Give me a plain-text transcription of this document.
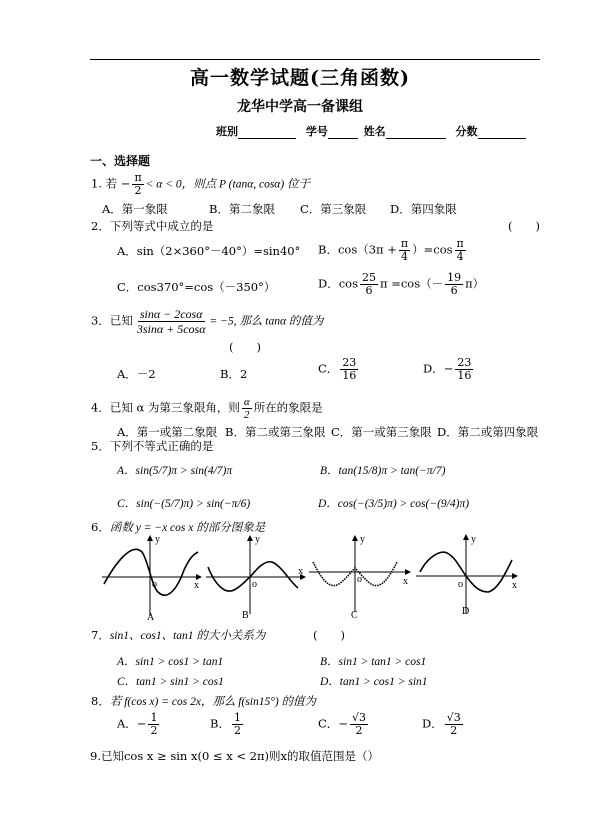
高一数学试题(三角函数)
龙华中学高一备课组
班别	学号	姓名	分数
一、选择题
1. 若 − $\frac{\pi}{2} < \alpha < 0$，则点 P (tanα, cosα) 位于
A．第一象限	B．第二象限 C．第三象限 D．第四象限
2．下列等式中成立的是	(　　)
A．sin（2×360°－40°）=sin40° B．$\cos(3\pi + \frac{\pi}{4} )=\cos \frac{\pi}{4}$
C．cos370°=cos（－350°）	D．$\cos \frac{25}{6}$ $\pi =\cos(- \frac{19}{6} \pi)$
3．已知 $\frac{\sin\alpha - 2\cos\alpha}{3\sin\alpha + 5\cos\alpha} = -5$, 那么 tanα 的值为
(　　)
A．－2	B．2	C． $\frac{23}{16}$	D．− $\frac{23}{16}$
4．已知 α 为第三象限角，则 $\frac{\alpha}{2}$ 所在的象限是
A．第一或第二象限 B．第二或第三象限 C．第一或第三象限 D．第二或第四象限
5．下列不等式正确的是
A．sin(5/7)π > sin(4/7)π	B．tan(15/8)π > tan(−π/7)
C．sin(−(5/7)π) > sin(−π/6)	D．cos(−(3/5)π) > cos(−(9/4)π)
6．函数 y = −x cos x 的部分图象是
y
o	x
A
y
o
x
B
y
o	x
C
y
o	x
D
7．sin1、cos1、tan1 的大小关系为	(　　)
A．sin1 > cos1 > tan1	B．sin1 > tan1 > cos1
C．tan1 > sin1 > cos1	D．tan1 > cos1 > sin1
8．若 f(cos x) = cos 2x，那么 f(sin15°) 的值为
A．− $\frac{1}{2}$	B． $\frac{1}{2}$	C．− $\frac{√3}{2}$	D． $\frac{√3}{2}$
9.已知cos x ≥ sin x(0 ≤ x < 2π)则x的取值范围是（）
